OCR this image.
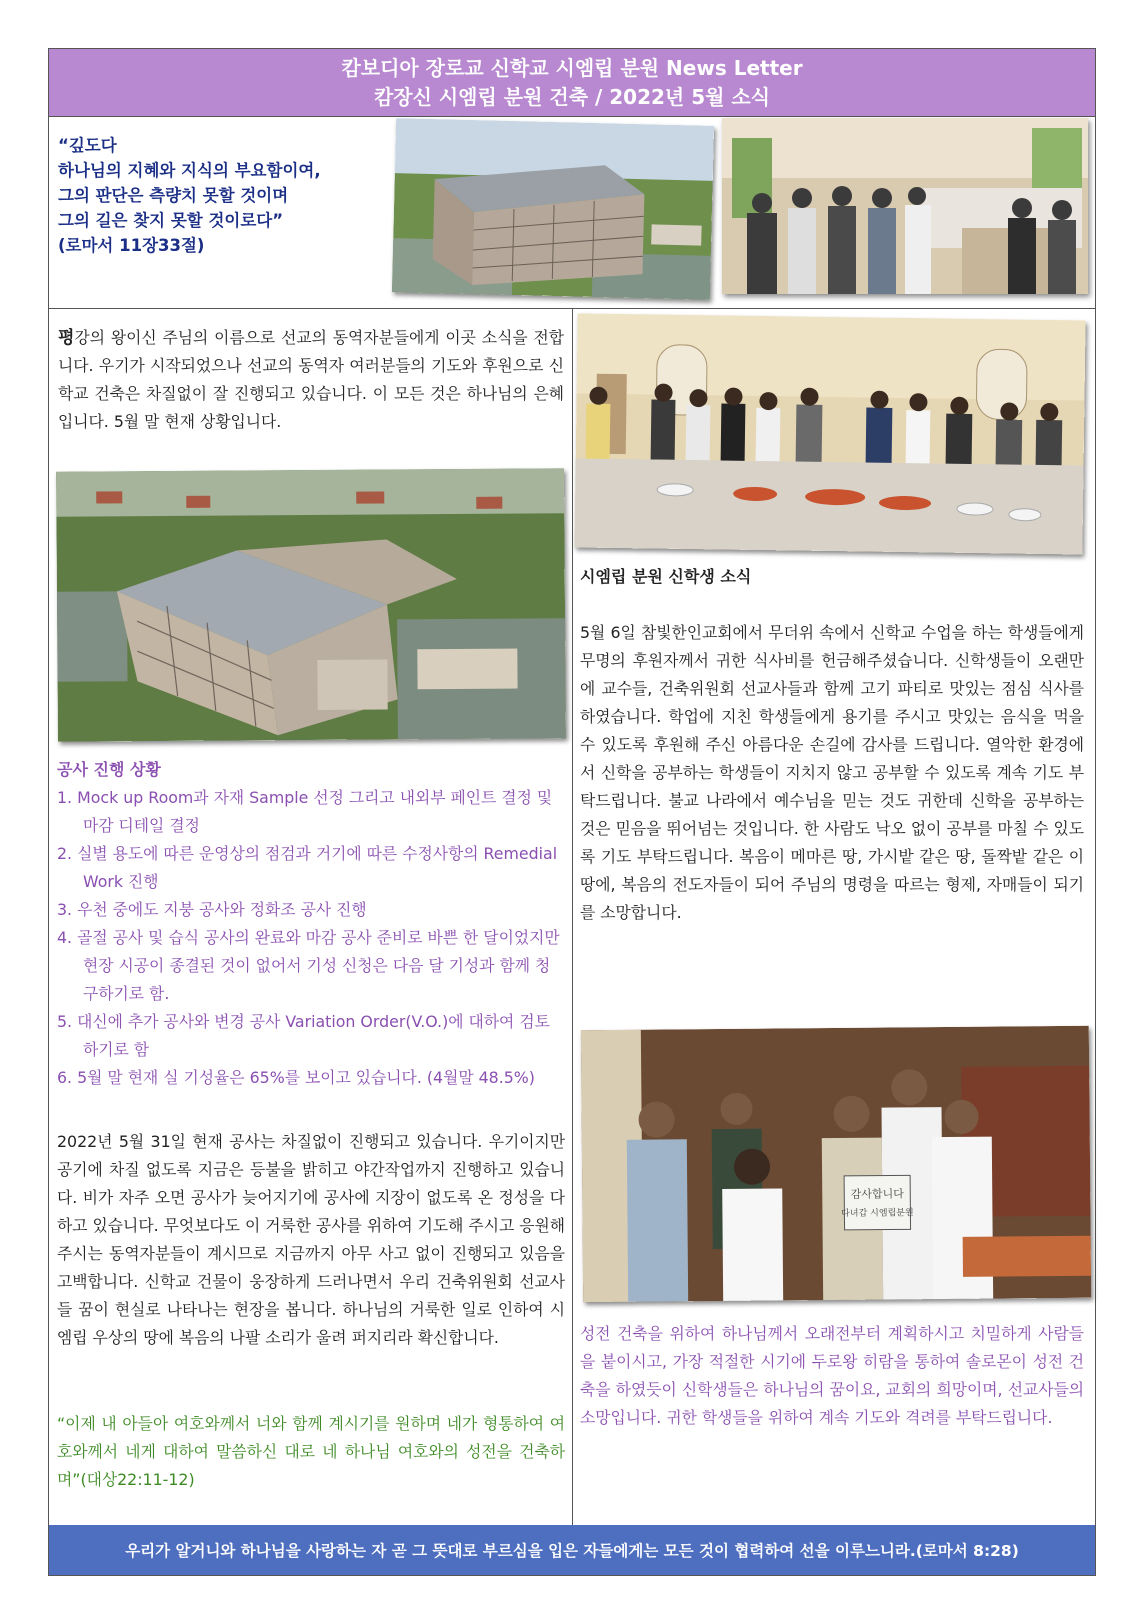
캄보디아 장로교 신학교 시엠립 분원 News Letter
캄장신 시엠립 분원 건축 / 2022년 5월 소식
“깊도다
하나님의 지혜와 지식의 부요함이여,
그의 판단은 측량치 못할 것이며
그의 길은 찾지 못할 것이로다”
(로마서 11장33절)
평강의 왕이신 주님의 이름으로 선교의 동역자분들에게 이곳 소식을 전합니다. 우기가 시작되었으나 선교의 동역자 여러분들의 기도와 후원으로 신학교 건축은 차질없이 잘 진행되고 있습니다. 이 모든 것은 하나님의 은혜입니다. 5월 말 현재 상황입니다.
공사 진행 상황
1. Mock up Room과 자재 Sample 선정 그리고 내외부 페인트 결정 및 마감 디테일 결정
2. 실별 용도에 따른 운영상의 점검과 거기에 따른 수정사항의 Remedial Work 진행
3. 우천 중에도 지붕 공사와 정화조 공사 진행
4. 골절 공사 및 습식 공사의 완료와 마감 공사 준비로 바쁜 한 달이었지만 현장 시공이 종결된 것이 없어서 기성 신청은 다음 달 기성과 함께 청구하기로 함.
5. 대신에 추가 공사와 변경 공사 Variation Order(V.O.)에 대하여 검토하기로 함
6. 5월 말 현재 실 기성율은 65%를 보이고 있습니다. (4월말 48.5%)
2022년 5월 31일 현재 공사는 차질없이 진행되고 있습니다. 우기이지만 공기에 차질 없도록 지금은 등불을 밝히고 야간작업까지 진행하고 있습니다. 비가 자주 오면 공사가 늦어지기에 공사에 지장이 없도록 온 정성을 다하고 있습니다. 무엇보다도 이 거룩한 공사를 위하여 기도해 주시고 응원해 주시는 동역자분들이 계시므로 지금까지 아무 사고 없이 진행되고 있음을 고백합니다. 신학교 건물이 웅장하게 드러나면서 우리 건축위원회 선교사들 꿈이 현실로 나타나는 현장을 봅니다. 하나님의 거룩한 일로 인하여 시엠립 우상의 땅에 복음의 나팔 소리가 울려 퍼지리라 확신합니다.
“이제 내 아들아 여호와께서 너와 함께 계시기를 원하며 네가 형통하여 여호와께서 네게 대하여 말씀하신 대로 네 하나님 여호와의 성전을 건축하며”(대상22:11-12)
시엠립 분원 신학생 소식
5월 6일 참빛한인교회에서 무더위 속에서 신학교 수업을 하는 학생들에게 무명의 후원자께서 귀한 식사비를 헌금해주셨습니다. 신학생들이 오랜만에 교수들, 건축위원회 선교사들과 함께 고기 파티로 맛있는 점심 식사를 하였습니다. 학업에 지친 학생들에게 용기를 주시고 맛있는 음식을 먹을 수 있도록 후원해 주신 아름다운 손길에 감사를 드립니다. 열악한 환경에서 신학을 공부하는 학생들이 지치지 않고 공부할 수 있도록 계속 기도 부탁드립니다. 불교 나라에서 예수님을 믿는 것도 귀한데 신학을 공부하는 것은 믿음을 뛰어넘는 것입니다. 한 사람도 낙오 없이 공부를 마칠 수 있도록 기도 부탁드립니다. 복음이 메마른 땅, 가시밭 같은 땅, 돌짝밭 같은 이 땅에, 복음의 전도자들이 되어 주님의 명령을 따르는 형제, 자매들이 되기를 소망합니다.
감사합니다
다녀갑 시엠립분원
성전 건축을 위하여 하나님께서 오래전부터 계획하시고 치밀하게 사람들을 붙이시고, 가장 적절한 시기에 두로왕 히람을 통하여 솔로몬이 성전 건축을 하였듯이 신학생들은 하나님의 꿈이요, 교회의 희망이며, 선교사들의 소망입니다. 귀한 학생들을 위하여 계속 기도와 격려를 부탁드립니다.
우리가 알거니와 하나님을 사랑하는 자 곧 그 뜻대로 부르심을 입은 자들에게는 모든 것이 협력하여 선을 이루느니라.(로마서 8:28)
